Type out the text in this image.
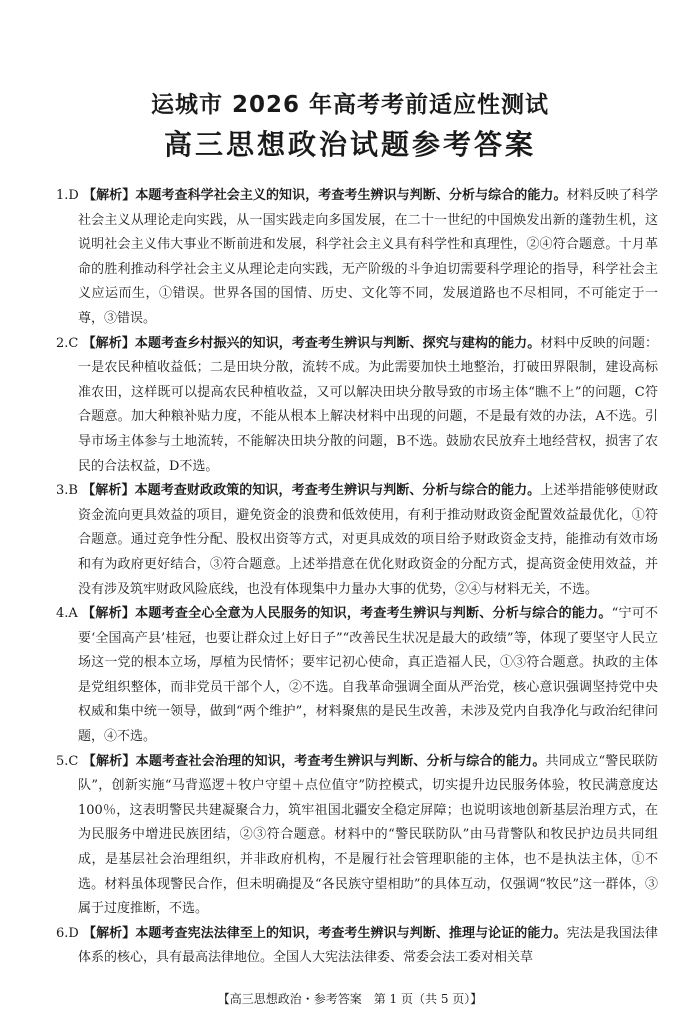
运城市 2026 年高考考前适应性测试
高三思想政治试题参考答案

1.D 【解析】本题考查科学社会主义的知识，考查考生辨识与判断、分析与综合的能力。材料反映了科学社会主义从理论走向实践，从一国实践走向多国发展，在二十一世纪的中国焕发出新的蓬勃生机，这说明社会主义伟大事业不断前进和发展，科学社会主义具有科学性和真理性，②④符合题意。十月革命的胜利推动科学社会主义从理论走向实践，无产阶级的斗争迫切需要科学理论的指导，科学社会主义应运而生，①错误。世界各国的国情、历史、文化等不同，发展道路也不尽相同，不可能定于一尊，③错误。

2.C 【解析】本题考查乡村振兴的知识，考查考生辨识与判断、探究与建构的能力。材料中反映的问题：一是农民种植收益低；二是田块分散，流转不成。为此需要加快土地整治，打破田界限制，建设高标准农田，这样既可以提高农民种植收益，又可以解决田块分散导致的市场主体“瞧不上”的问题，C符合题意。加大种粮补贴力度，不能从根本上解决材料中出现的问题，不是最有效的办法，A不选。引导市场主体参与土地流转，不能解决田块分散的问题，B不选。鼓励农民放弃土地经营权，损害了农民的合法权益，D不选。

3.B 【解析】本题考查财政政策的知识，考查考生辨识与判断、分析与综合的能力。上述举措能够使财政资金流向更具效益的项目，避免资金的浪费和低效使用，有利于推动财政资金配置效益最优化，①符合题意。通过竞争性分配、股权出资等方式，对更具成效的项目给予财政资金支持，能推动有效市场和有为政府更好结合，③符合题意。上述举措意在优化财政资金的分配方式，提高资金使用效益，并没有涉及筑牢财政风险底线，也没有体现集中力量办大事的优势，②④与材料无关，不选。

4.A 【解析】本题考查全心全意为人民服务的知识，考查考生辨识与判断、分析与综合的能力。“宁可不要‘全国高产县’桂冠，也要让群众过上好日子”“改善民生状况是最大的政绩”等，体现了要坚守人民立场这一党的根本立场，厚植为民情怀；要牢记初心使命，真正造福人民，①③符合题意。执政的主体是党组织整体，而非党员干部个人，②不选。自我革命强调全面从严治党，核心意识强调坚持党中央权威和集中统一领导，做到“两个维护”，材料聚焦的是民生改善，未涉及党内自我净化与政治纪律问题，④不选。

5.C 【解析】本题考查社会治理的知识，考查考生辨识与判断、分析与综合的能力。共同成立“警民联防队”，创新实施“马背巡逻＋牧户守望＋点位值守”防控模式，切实提升边民服务体验，牧民满意度达100％，这表明警民共建凝聚合力，筑牢祖国北疆安全稳定屏障；也说明该地创新基层治理方式，在为民服务中增进民族团结，②③符合题意。材料中的“警民联防队”由马背警队和牧民护边员共同组成，是基层社会治理组织，并非政府机构，不是履行社会管理职能的主体，也不是执法主体，①不选。材料虽体现警民合作，但未明确提及“各民族守望相助”的具体互动，仅强调“牧民”这一群体，③属于过度推断，不选。

6.D 【解析】本题考查宪法法律至上的知识，考查考生辨识与判断、推理与论证的能力。宪法是我国法律体系的核心，具有最高法律地位。全国人大宪法法律委、常委会法工委对相关草

【高三思想政治・参考答案　第 1 页（共 5 页）】
